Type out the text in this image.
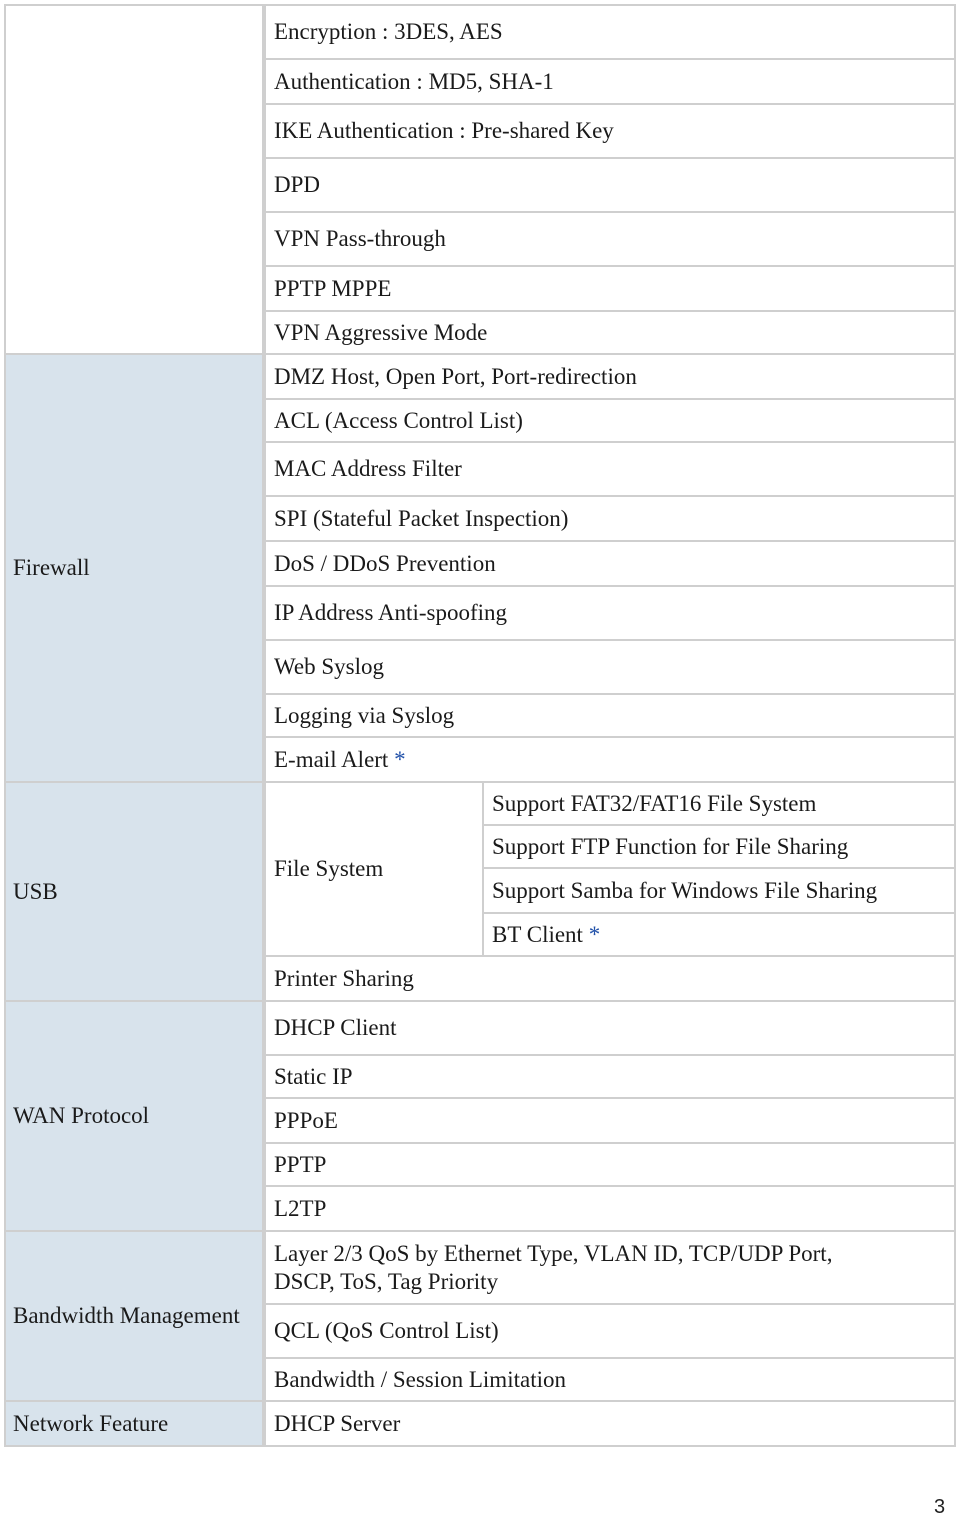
Firewall
USB
WAN Protocol
Bandwidth Management
Network Feature
Encryption : 3DES, AES
Authentication : MD5, SHA-1
IKE Authentication : Pre-shared Key
DPD
VPN Pass-through
PPTP MPPE
VPN Aggressive Mode
DMZ Host, Open Port, Port-redirection
ACL (Access Control List)
MAC Address Filter
SPI (Stateful Packet Inspection)
DoS / DDoS Prevention
IP Address Anti-spoofing
Web Syslog
Logging via Syslog
E-mail Alert
*
File System
Support FAT32/FAT16 File System
Support FTP Function for File Sharing
Support Samba for Windows File Sharing
BT Client
*
Printer Sharing
DHCP Client
Static IP
PPPoE
PPTP
L2TP
Layer 2/3 QoS by Ethernet Type, VLAN ID, TCP/UDP Port, DSCP, ToS, Tag Priority
QCL (QoS Control List)
Bandwidth / Session Limitation
DHCP Server
3
